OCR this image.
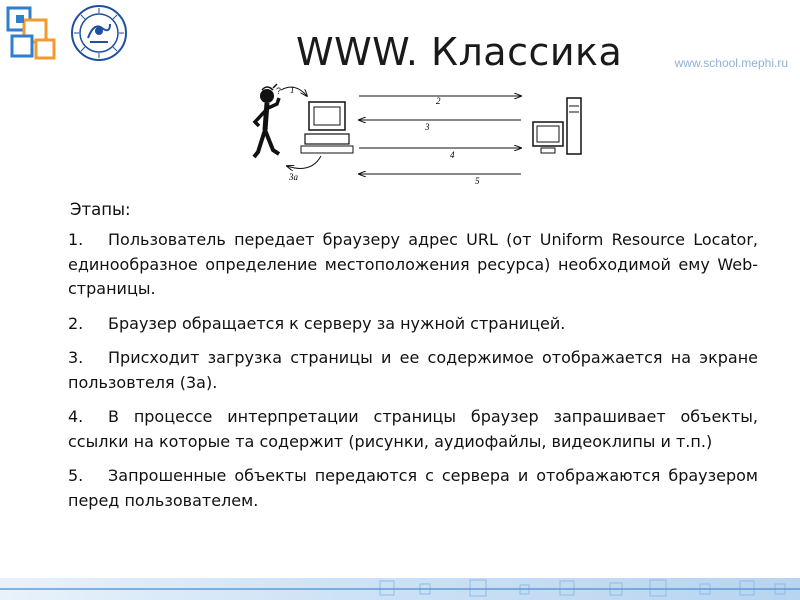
WWW. Классика	www.school.mephi.ru
? 1
3a
2
3
4
5
Этапы:
1. Пользователь передает браузеру адрес URL (от Uniform Resource Locator, единообразное определение местоположения ресурса) необходимой ему Web-страницы.
2. Браузер обращается к серверу за нужной страницей.
3. Присходит загрузка страницы и ее содержимое отображается на экране пользовтеля (3а).
4. В процессе интерпретации страницы браузер запрашивает объекты, ссылки на которые та содержит (рисунки, аудиофайлы, видеоклипы и т.п.)
5. Запрошенные объекты передаются с сервера и отображаются браузером перед пользователем.
